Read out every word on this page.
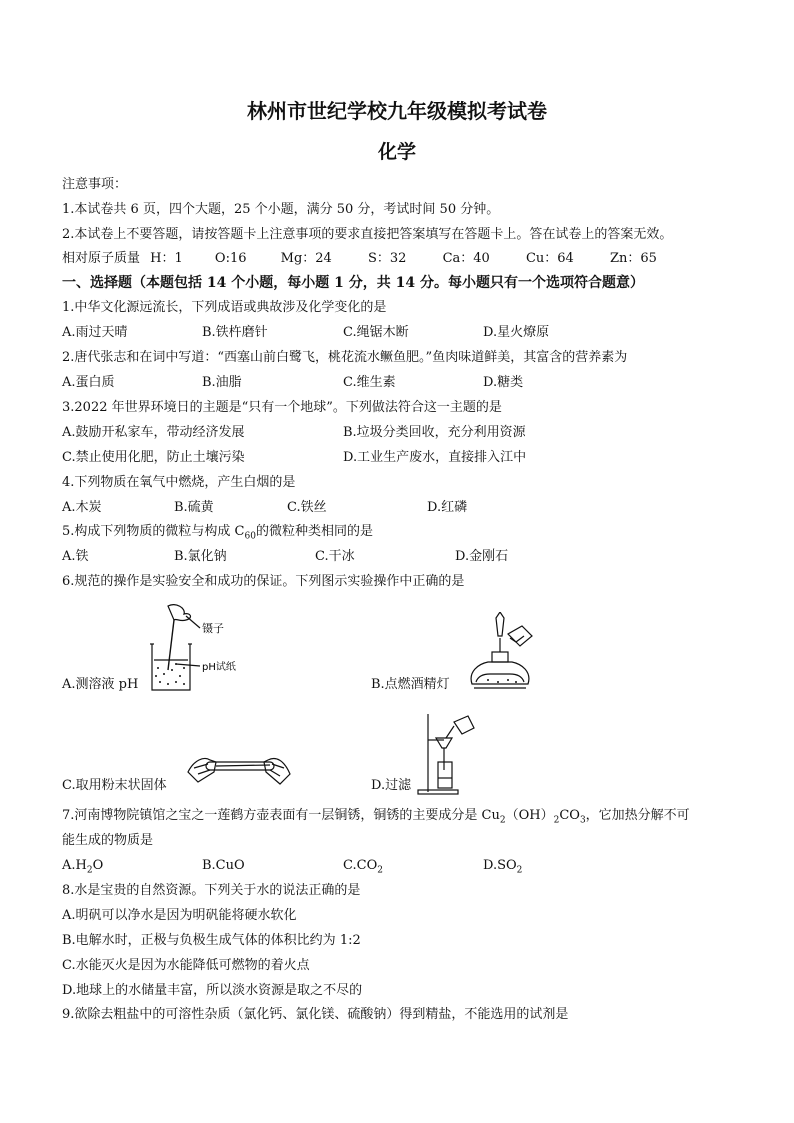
林州市世纪学校九年级模拟考试卷
化学
注意事项：
1.本试卷共 6 页，四个大题，25 个小题，满分 50 分，考试时间 50 分钟。
2.本试卷上不要答题，请按答题卡上注意事项的要求直接把答案填写在答题卡上。答在试卷上的答案无效。
相对原子质量 H：1 O:16	Mg：24	S：32	Ca：40	Cu：64	Zn：65
一、选择题（本题包括 14 个小题，每小题 1 分，共 14 分。每小题只有一个选项符合题意）
1.中华文化源远流长，下列成语或典故涉及化学变化的是
A.雨过天晴	B.铁杵磨针	C.绳锯木断	D.星火燎原
2.唐代张志和在词中写道：“西塞山前白鹭飞，桃花流水鳜鱼肥。”鱼肉味道鲜美，其富含的营养素为
A.蛋白质	B.油脂	C.维生素	D.糖类
3.2022 年世界环境日的主题是“只有一个地球”。下列做法符合这一主题的是
A.鼓励开私家车，带动经济发展	B.垃圾分类回收，充分利用资源
C.禁止使用化肥，防止土壤污染	D.工业生产废水，直接排入江中
4.下列物质在氧气中燃烧，产生白烟的是
A.木炭	B.硫黄	C.铁丝	D.红磷
5.构成下列物质的微粒与构成 $C_{60}$的微粒种类相同的是
A.铁	B.氯化钠	C.干冰	D.金刚石
6.规范的操作是实验安全和成功的保证。下列图示实验操作中正确的是
镊子
pH试纸
A.测溶液 pH	B.点燃酒精灯
C.取用粉末状固体	D.过滤
7.河南博物院镇馆之宝之一莲鹤方壶表面有一层铜锈，铜锈的主要成分是 $Cu_2(OH)_2CO_3$，它加热分解不可
能生成的物质是
$A.H_2O$	B.CuO	$C.CO_2$	$D.SO_2$
8.水是宝贵的自然资源。下列关于水的说法正确的是
A.明矾可以净水是因为明矾能将硬水软化
B.电解水时，正极与负极生成气体的体积比约为 1:2
C.水能灭火是因为水能降低可燃物的着火点
D.地球上的水储量丰富，所以淡水资源是取之不尽的
9.欲除去粗盐中的可溶性杂质（氯化钙、氯化镁、硫酸钠）得到精盐，不能选用的试剂是
